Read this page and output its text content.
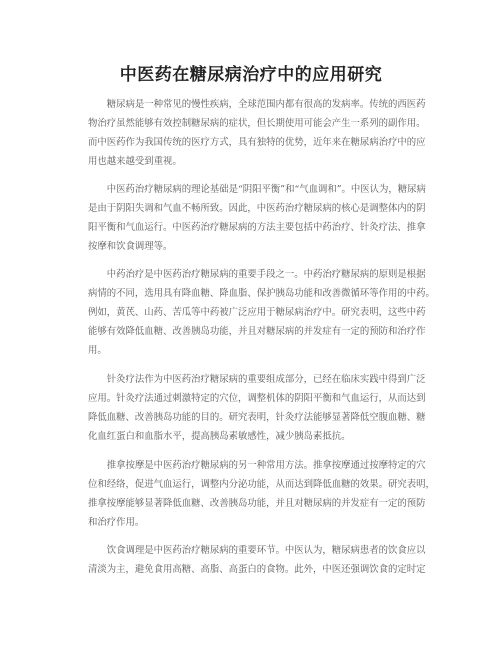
中医药在糖尿病治疗中的应用研究

　　糖尿病是一种常见的慢性疾病，全球范围内都有很高的发病率。传统的西医药
物治疗虽然能够有效控制糖尿病的症状，但长期使用可能会产生一系列的副作用。
而中医药作为我国传统的医疗方式，具有独特的优势，近年来在糖尿病治疗中的应
用也越来越受到重视。

　　中医药治疗糖尿病的理论基础是“阴阳平衡”和“气血调和”。中医认为，糖尿病
是由于阴阳失调和气血不畅所致。因此，中医药治疗糖尿病的核心是调整体内的阴
阳平衡和气血运行。中医药治疗糖尿病的方法主要包括中药治疗、针灸疗法、推拿
按摩和饮食调理等。

　　中药治疗是中医药治疗糖尿病的重要手段之一。中药治疗糖尿病的原则是根据
病情的不同，选用具有降血糖、降血脂、保护胰岛功能和改善微循环等作用的中药。
例如，黄芪、山药、苦瓜等中药被广泛应用于糖尿病治疗中。研究表明，这些中药
能够有效降低血糖、改善胰岛功能，并且对糖尿病的并发症有一定的预防和治疗作
用。

　　针灸疗法作为中医药治疗糖尿病的重要组成部分，已经在临床实践中得到广泛
应用。针灸疗法通过刺激特定的穴位，调整机体的阴阳平衡和气血运行，从而达到
降低血糖、改善胰岛功能的目的。研究表明，针灸疗法能够显著降低空腹血糖、糖
化血红蛋白和血脂水平，提高胰岛素敏感性，减少胰岛素抵抗。

　　推拿按摩是中医药治疗糖尿病的另一种常用方法。推拿按摩通过按摩特定的穴
位和经络，促进气血运行，调整内分泌功能，从而达到降低血糖的效果。研究表明，
推拿按摩能够显著降低血糖、改善胰岛功能，并且对糖尿病的并发症有一定的预防
和治疗作用。

　　饮食调理是中医药治疗糖尿病的重要环节。中医认为，糖尿病患者的饮食应以
清淡为主，避免食用高糖、高脂、高蛋白的食物。此外，中医还强调饮食的定时定
